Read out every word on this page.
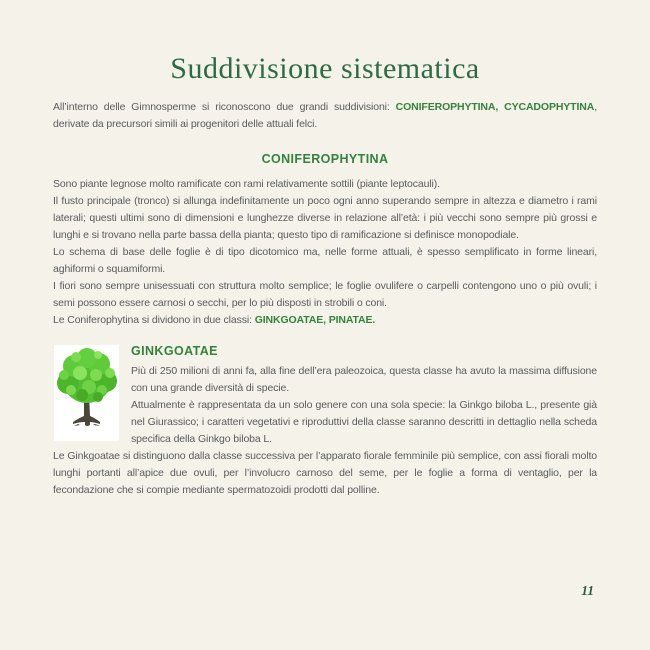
Suddivisione sistematica

All’interno delle Gimnosperme si riconoscono due grandi suddivisioni: CONIFEROPHYTINA, CYCADOPHYTINA, derivate da precursori simili ai progenitori delle attuali felci.

CONIFEROPHYTINA

Sono piante legnose molto ramificate con rami relativamente sottili (piante leptocauli).

Il fusto principale (tronco) si allunga indefinitamente un poco ogni anno superando sempre in altezza e diametro i rami laterali; questi ultimi sono di dimensioni e lunghezze diverse in relazione all’età: i più vecchi sono sempre più grossi e lunghi e si trovano nella parte bassa della pianta; questo tipo di ramificazione si definisce monopodiale.

Lo schema di base delle foglie è di tipo dicotomico ma, nelle forme attuali, è spesso semplificato in forme lineari, aghiformi o squamiformi.

I fiori sono sempre unisessuati con struttura molto semplice; le foglie ovulifere o carpelli contengono uno o più ovuli; i semi possono essere carnosi o secchi, per lo più disposti in strobili o coni.

Le Coniferophytina si dividono in due classi: GINKGOATAE, PINATAE.

GINKGOATAE

Più di 250 milioni di anni fa, alla fine dell’era paleozoica, questa classe ha avuto la massima diffusione con una grande diversità di specie.

Attualmente è rappresentata da un solo genere con una sola specie: la Ginkgo biloba L., presente già nel Giurassico; i caratteri vegetativi e riproduttivi della classe saranno descritti in dettaglio nella scheda specifica della Ginkgo biloba L.

Le Ginkgoatae si distinguono dalla classe successiva per l’apparato fiorale femminile più semplice, con assi fiorali molto lunghi portanti all’apice due ovuli, per l’involucro carnoso del seme, per le foglie a forma di ventaglio, per la fecondazione che si compie mediante spermatozoidi prodotti dal polline.

11
